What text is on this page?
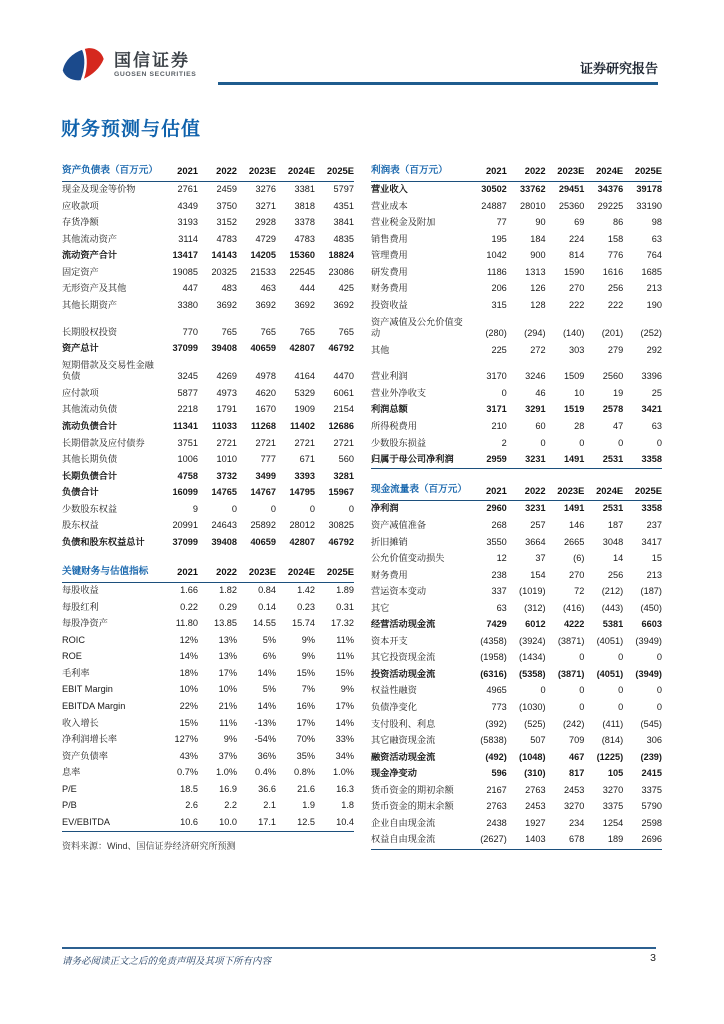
国信证券
GUOSEN SECURITIES	证券研究报告
财务预测与估值
资产负债表（百万元）	2021	2022	2023E	2024E	2025E
现金及现金等价物	2761	2459	3276	3381	5797
应收款项	4349	3750	3271	3818	4351
存货净额	3193	3152	2928	3378	3841
其他流动资产	3114	4783	4729	4783	4835
流动资产合计	13417	14143	14205	15360	18824
固定资产	19085	20325	21533	22545	23086
无形资产及其他	447	483	463	444	425
其他长期资产	3380	3692	3692	3692	3692
长期股权投资	770	765	765	765	765
资产总计	37099	39408	40659	42807	46792
短期借款及交易性金融负债	3245	4269	4978	4164	4470
应付款项	5877	4973	4620	5329	6061
其他流动负债	2218	1791	1670	1909	2154
流动负债合计	11341	11033	11268	11402	12686
长期借款及应付债券	3751	2721	2721	2721	2721
其他长期负债	1006	1010	777	671	560
长期负债合计	4758	3732	3499	3393	3281
负债合计	16099	14765	14767	14795	15967
少数股东权益	9	0	0	0	0
股东权益	20991	24643	25892	28012	30825
负债和股东权益总计	37099	39408	40659	42807	46792
关键财务与估值指标	2021	2022	2023E	2024E	2025E
每股收益	1.66	1.82	0.84	1.42	1.89
每股红利	0.22	0.29	0.14	0.23	0.31
每股净资产	11.80	13.85	14.55	15.74	17.32
ROIC	12%	13%	5%	9%	11%
ROE	14%	13%	6%	9%	11%
毛利率	18%	17%	14%	15%	15%
EBIT Margin	10%	10%	5%	7%	9%
EBITDA Margin	22%	21%	14%	16%	17%
收入增长	15%	11%	-13%	17%	14%
净利润增长率	127%	9%	-54%	70%	33%
资产负债率	43%	37%	36%	35%	34%
息率	0.7%	1.0%	0.4%	0.8%	1.0%
P/E	18.5	16.9	36.6	21.6	16.3
P/B	2.6	2.2	2.1	1.9	1.8
EV/EBITDA	10.6	10.0	17.1	12.5	10.4
资料来源：Wind、国信证券经济研究所预测
利润表（百万元）	2021	2022	2023E	2024E	2025E
营业收入	30502	33762	29451	34376	39178
营业成本	24887	28010	25360	29225	33190
营业税金及附加	77	90	69	86	98
销售费用	195	184	224	158	63
管理费用	1042	900	814	776	764
研发费用	1186	1313	1590	1616	1685
财务费用	206	126	270	256	213
投资收益	315	128	222	222	190
资产减值及公允价值变动	(280)	(294)	(140)	(201)	(252)
其他	225	272	303	279	292
营业利润	3170	3246	1509	2560	3396
营业外净收支	0	46	10	19	25
利润总额	3171	3291	1519	2578	3421
所得税费用	210	60	28	47	63
少数股东损益	2	0	0	0	0
归属于母公司净利润	2959	3231	1491	2531	3358
现金流量表（百万元）	2021	2022	2023E	2024E	2025E
净利润	2960	3231	1491	2531	3358
资产减值准备	268	257	146	187	237
折旧摊销	3550	3664	2665	3048	3417
公允价值变动损失	12	37	(6)	14	15
财务费用	238	154	270	256	213
营运资本变动	337	(1019)	72	(212)	(187)
其它	63	(312)	(416)	(443)	(450)
经营活动现金流	7429	6012	4222	5381	6603
资本开支	(4358)	(3924)	(3871)	(4051)	(3949)
其它投资现金流	(1958)	(1434)	0	0	0
投资活动现金流	(6316)	(5358)	(3871)	(4051)	(3949)
权益性融资	4965	0	0	0	0
负债净变化	773	(1030)	0	0	0
支付股利、利息	(392)	(525)	(242)	(411)	(545)
其它融资现金流	(5838)	507	709	(814)	306
融资活动现金流	(492)	(1048)	467	(1225)	(239)
现金净变动	596	(310)	817	105	2415
货币资金的期初余额	2167	2763	2453	3270	3375
货币资金的期末余额	2763	2453	3270	3375	5790
企业自由现金流	2438	1927	234	1254	2598
权益自由现金流	(2627)	1403	678	189	2696
请务必阅读正文之后的免责声明及其项下所有内容	3
